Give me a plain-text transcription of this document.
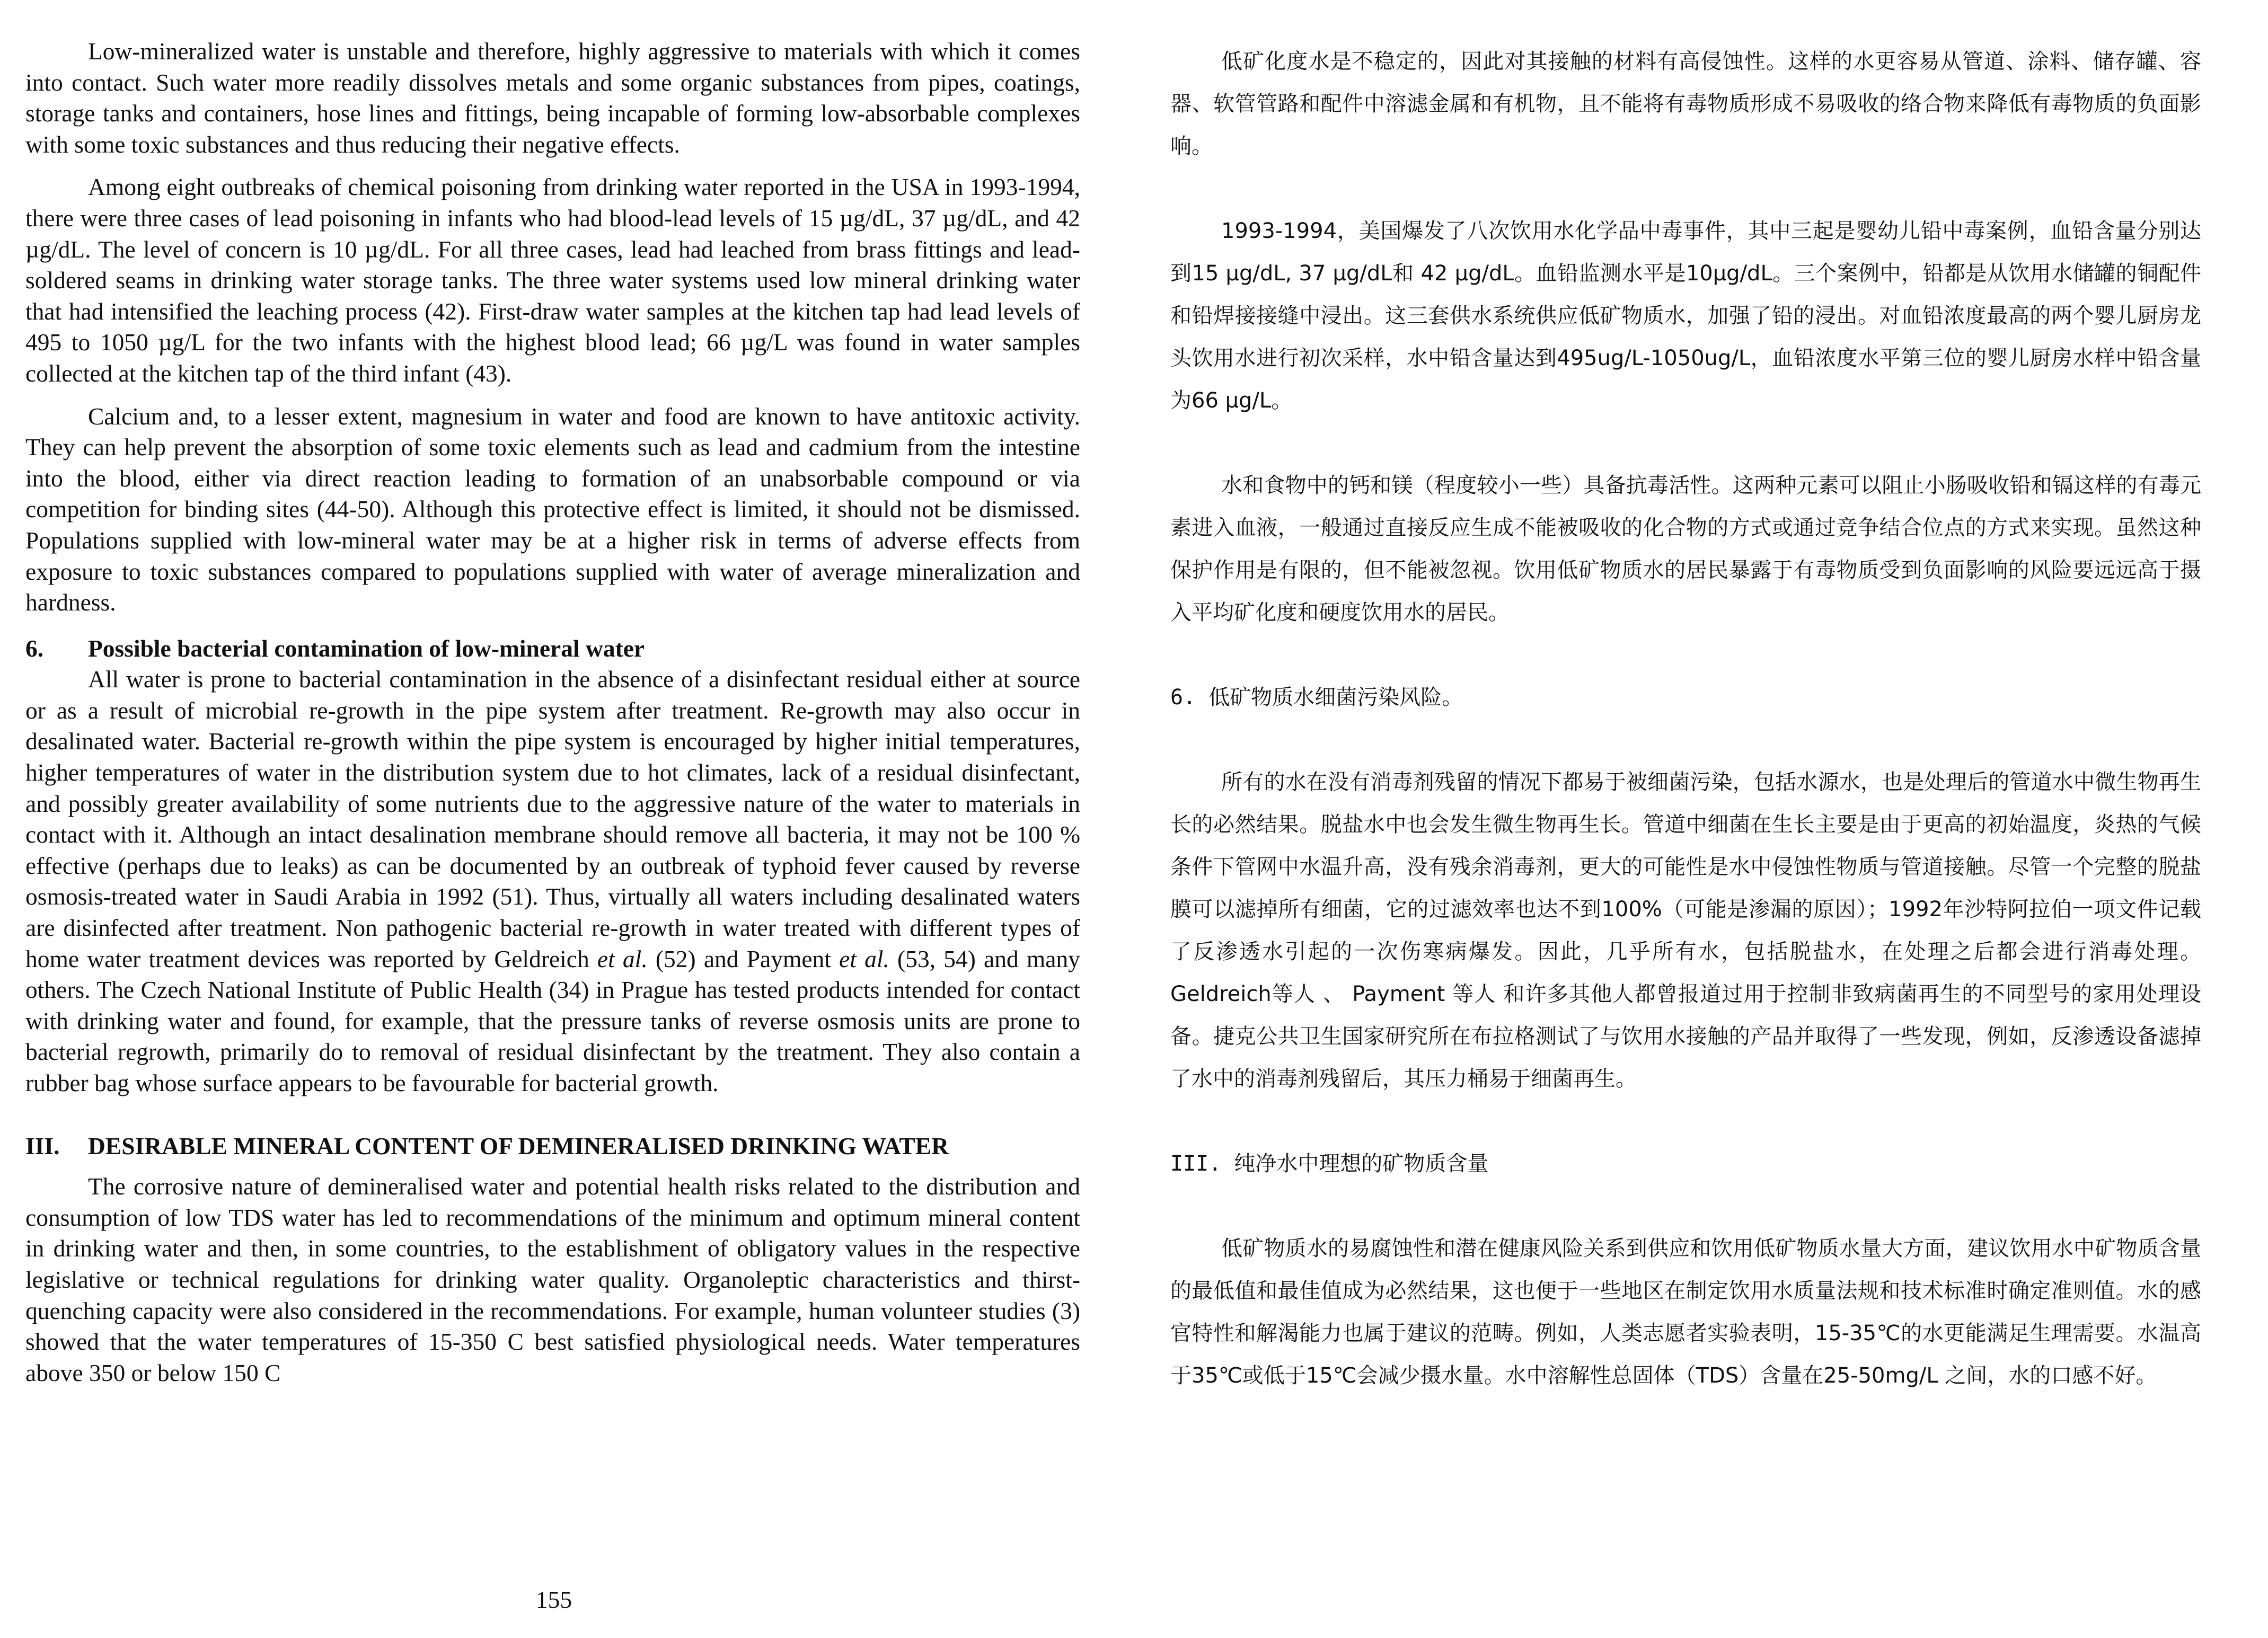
Low-mineralized water is unstable and therefore, highly aggressive to materials with which it comes into contact. Such water more readily dissolves metals and some organic substances from pipes, coatings, storage tanks and containers, hose lines and fittings, being incapable of forming low-absorbable complexes with some toxic substances and thus reducing their negative effects.

Among eight outbreaks of chemical poisoning from drinking water reported in the USA in 1993-1994, there were three cases of lead poisoning in infants who had blood-lead levels of 15 µg/dL, 37 µg/dL, and 42 µg/dL. The level of concern is 10 µg/dL. For all three cases, lead had leached from brass fittings and lead-soldered seams in drinking water storage tanks. The three water systems used low mineral drinking water that had intensified the leaching process (42). First-draw water samples at the kitchen tap had lead levels of 495 to 1050 µg/L for the two infants with the highest blood lead; 66 µg/L was found in water samples collected at the kitchen tap of the third infant (43).

Calcium and, to a lesser extent, magnesium in water and food are known to have antitoxic activity. They can help prevent the absorption of some toxic elements such as lead and cadmium from the intestine into the blood, either via direct reaction leading to formation of an unabsorbable compound or via competition for binding sites (44-50). Although this protective effect is limited, it should not be dismissed. Populations supplied with low-mineral water may be at a higher risk in terms of adverse effects from exposure to toxic substances compared to populations supplied with water of average mineralization and hardness.

6. Possible bacterial contamination of low-mineral water

All water is prone to bacterial contamination in the absence of a disinfectant residual either at source or as a result of microbial re-growth in the pipe system after treatment. Re-growth may also occur in desalinated water. Bacterial re-growth within the pipe system is encouraged by higher initial temperatures, higher temperatures of water in the distribution system due to hot climates, lack of a residual disinfectant, and possibly greater availability of some nutrients due to the aggressive nature of the water to materials in contact with it. Although an intact desalination membrane should remove all bacteria, it may not be 100 % effective (perhaps due to leaks) as can be documented by an outbreak of typhoid fever caused by reverse osmosis-treated water in Saudi Arabia in 1992 (51). Thus, virtually all waters including desalinated waters are disinfected after treatment. Non pathogenic bacterial re-growth in water treated with different types of home water treatment devices was reported by Geldreich et al. (52) and Payment et al. (53, 54) and many others. The Czech National Institute of Public Health (34) in Prague has tested products intended for contact with drinking water and found, for example, that the pressure tanks of reverse osmosis units are prone to bacterial regrowth, primarily do to removal of residual disinfectant by the treatment. They also contain a rubber bag whose surface appears to be favourable for bacterial growth.

III. DESIRABLE MINERAL CONTENT OF DEMINERALISED DRINKING WATER

The corrosive nature of demineralised water and potential health risks related to the distribution and consumption of low TDS water has led to recommendations of the minimum and optimum mineral content in drinking water and then, in some countries, to the establishment of obligatory values in the respective legislative or technical regulations for drinking water quality. Organoleptic characteristics and thirst-quenching capacity were also considered in the recommendations. For example, human volunteer studies (3) showed that the water temperatures of 15-350 C best satisfied physiological needs. Water temperatures above 350 or below 150 C

低矿化度水是不稳定的，因此对其接触的材料有高侵蚀性。这样的水更容易从管道、涂料、储存罐、容器、软管管路和配件中溶滤金属和有机物，且不能将有毒物质形成不易吸收的络合物来降低有毒物质的负面影响。

1993-1994，美国爆发了八次饮用水化学品中毒事件，其中三起是婴幼儿铅中毒案例，血铅含量分别达到15 μg/dL, 37 μg/dL和 42 μg/dL。血铅监测水平是10μg/dL。三个案例中，铅都是从饮用水储罐的铜配件和铅焊接接缝中浸出。这三套供水系统供应低矿物质水，加强了铅的浸出。对血铅浓度最高的两个婴儿厨房龙头饮用水进行初次采样，水中铅含量达到495ug/L-1050ug/L，血铅浓度水平第三位的婴儿厨房水样中铅含量为66 μg/L。

水和食物中的钙和镁（程度较小一些）具备抗毒活性。这两种元素可以阻止小肠吸收铅和镉这样的有毒元素进入血液，一般通过直接反应生成不能被吸收的化合物的方式或通过竞争结合位点的方式来实现。虽然这种保护作用是有限的，但不能被忽视。饮用低矿物质水的居民暴露于有毒物质受到负面影响的风险要远远高于摄入平均矿化度和硬度饮用水的居民。

6. 低矿物质水细菌污染风险。

所有的水在没有消毒剂残留的情况下都易于被细菌污染，包括水源水，也是处理后的管道水中微生物再生长的必然结果。脱盐水中也会发生微生物再生长。管道中细菌在生长主要是由于更高的初始温度，炎热的气候条件下管网中水温升高，没有残余消毒剂，更大的可能性是水中侵蚀性物质与管道接触。尽管一个完整的脱盐膜可以滤掉所有细菌，它的过滤效率也达不到100%（可能是渗漏的原因）；1992年沙特阿拉伯一项文件记载了反渗透水引起的一次伤寒病爆发。因此，几乎所有水，包括脱盐水，在处理之后都会进行消毒处理。Geldreich等人 、 Payment 等人 和许多其他人都曾报道过用于控制非致病菌再生的不同型号的家用处理设备。捷克公共卫生国家研究所在布拉格测试了与饮用水接触的产品并取得了一些发现，例如，反渗透设备滤掉了水中的消毒剂残留后，其压力桶易于细菌再生。

III. 纯净水中理想的矿物质含量

低矿物质水的易腐蚀性和潜在健康风险关系到供应和饮用低矿物质水量大方面，建议饮用水中矿物质含量的最低值和最佳值成为必然结果，这也便于一些地区在制定饮用水质量法规和技术标准时确定准则值。水的感官特性和解渴能力也属于建议的范畴。例如，人类志愿者实验表明，15-35℃的水更能满足生理需要。水温高于35℃或低于15℃会减少摄水量。水中溶解性总固体（TDS）含量在25-50mg/L 之间，水的口感不好。

155
